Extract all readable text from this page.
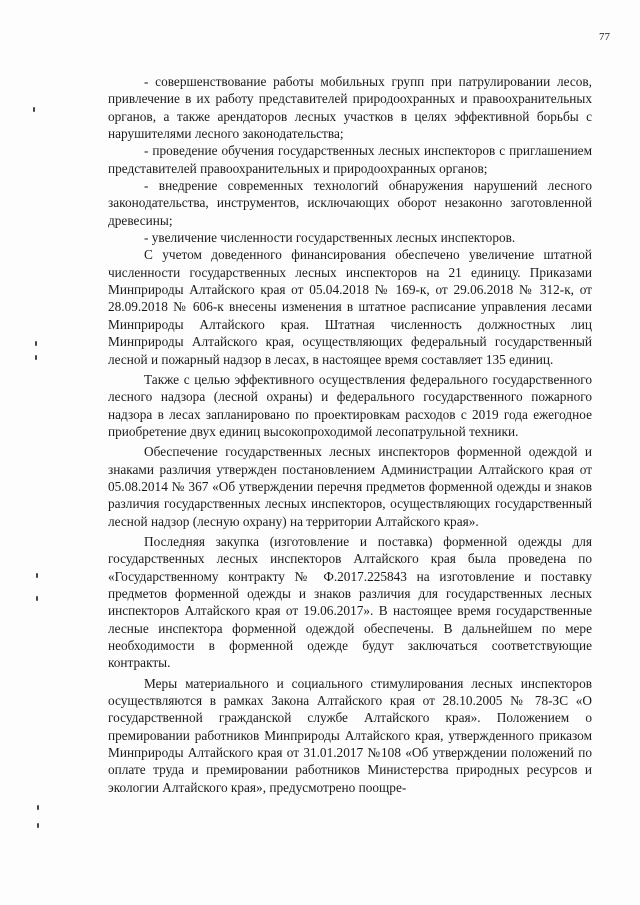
77

- совершенствование работы мобильных групп при патрулировании лесов, привлечение в их работу представителей природоохранных и правоохранительных органов, а также арендаторов лесных участков в целях эффективной борьбы с нарушителями лесного законодательства;

- проведение обучения государственных лесных инспекторов с приглашением представителей правоохранительных и природоохранных органов;

- внедрение современных технологий обнаружения нарушений лесного законодательства, инструментов, исключающих оборот незаконно заготовленной древесины;

- увеличение численности государственных лесных инспекторов.

С учетом доведенного финансирования обеспечено увеличение штатной численности государственных лесных инспекторов на 21 единицу. Приказами Минприроды Алтайского края от 05.04.2018 № 169-к, от 29.06.2018 № 312-к, от 28.09.2018 № 606-к внесены изменения в штатное расписание управления лесами Минприроды Алтайского края. Штатная численность должностных лиц Минприроды Алтайского края, осуществляющих федеральный государственный лесной и пожарный надзор в лесах, в настоящее время составляет 135 единиц.

Также с целью эффективного осуществления федерального государственного лесного надзора (лесной охраны) и федерального государственного пожарного надзора в лесах запланировано по проектировкам расходов с 2019 года ежегодное приобретение двух единиц высокопроходимой лесопатрульной техники.

Обеспечение государственных лесных инспекторов форменной одеждой и знаками различия утвержден постановлением Администрации Алтайского края от 05.08.2014 № 367 «Об утверждении перечня предметов форменной одежды и знаков различия государственных лесных инспекторов, осуществляющих государственный лесной надзор (лесную охрану) на территории Алтайского края».

Последняя закупка (изготовление и поставка) форменной одежды для государственных лесных инспекторов Алтайского края была проведена по «Государственному контракту № Ф.2017.225843 на изготовление и поставку предметов форменной одежды и знаков различия для государственных лесных инспекторов Алтайского края от 19.06.2017». В настоящее время государственные лесные инспектора форменной одеждой обеспечены. В дальнейшем по мере необходимости в форменной одежде будут заключаться соответствующие контракты.

Меры материального и социального стимулирования лесных инспекторов осуществляются в рамках Закона Алтайского края от 28.10.2005 № 78-ЗС «О государственной гражданской службе Алтайского края». Положением о премировании работников Минприроды Алтайского края, утвержденного приказом Минприроды Алтайского края от 31.01.2017 №108 «Об утверждении положений по оплате труда и премировании работников Министерства природных ресурсов и экологии Алтайского края», предусмотрено поощре-
